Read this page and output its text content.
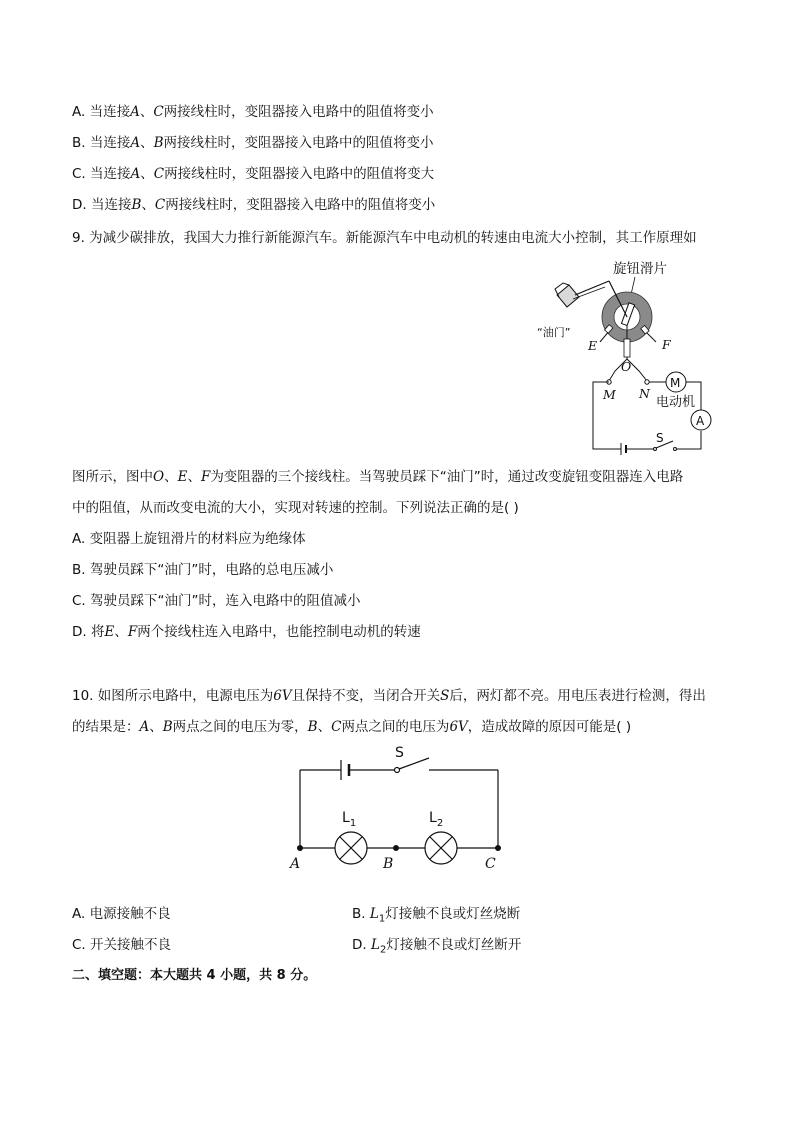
A. 当连接A、C两接线柱时，变阻器接入电路中的阻值将变小
B. 当连接A、B两接线柱时，变阻器接入电路中的阻值将变小
C. 当连接A、C两接线柱时，变阻器接入电路中的阻值将变大
D. 当连接B、C两接线柱时，变阻器接入电路中的阻值将变小
9. 为减少碳排放，我国大力推行新能源汽车。新能源汽车中电动机的转速由电流大小控制，其工作原理如
旋钮滑片
“油门”
E	F
O
M N
S
A
M
电动机
图所示，图中O、E、F为变阻器的三个接线柱。当驾驶员踩下“油门”时，通过改变旋钮变阻器连入电路
中的阻值，从而改变电流的大小，实现对转速的控制。下列说法正确的是( )
A. 变阻器上旋钮滑片的材料应为绝缘体
B. 驾驶员踩下“油门”时，电路的总电压减小
C. 驾驶员踩下“油门”时，连入电路中的阻值减小
D. 将E、F两个接线柱连入电路中，也能控制电动机的转速
10. 如图所示电路中，电源电压为6V且保持不变，当闭合开关S后，两灯都不亮。用电压表进行检测，得出
的结果是：A、B两点之间的电压为零，B、C两点之间的电压为6V，造成故障的原因可能是( )
S
$L_1$	$L_2$
A	B	C
A. 电源接触不良	B. $L_1$灯接触不良或灯丝烧断
C. 开关接触不良	D. $L_2$灯接触不良或灯丝断开
二、填空题：本大题共 4 小题，共 8 分。
